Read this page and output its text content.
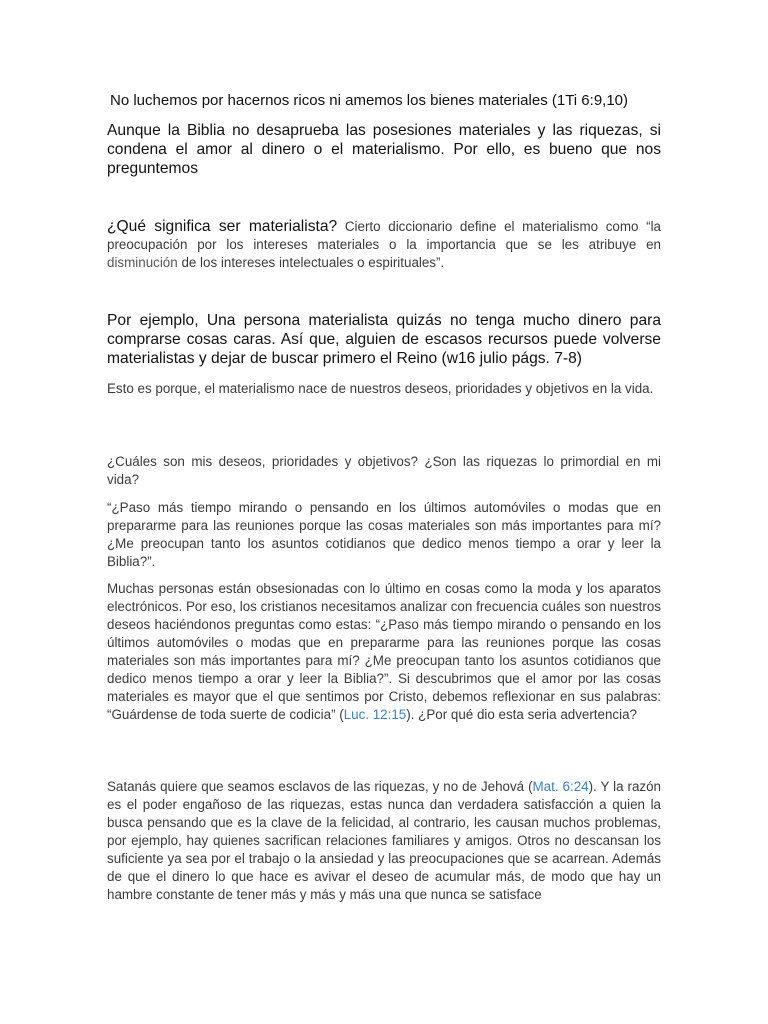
No luchemos por hacernos ricos ni amemos los bienes materiales (1Ti 6:9,10)

Aunque la Biblia no desaprueba las posesiones materiales y las riquezas, si condena el amor al dinero o el materialismo. Por ello, es bueno que nos preguntemos

¿Qué significa ser materialista? Cierto diccionario define el materialismo como “la preocupación por los intereses materiales o la importancia que se les atribuye en disminución de los intereses intelectuales o espirituales”.

Por ejemplo, Una persona materialista quizás no tenga mucho dinero para comprarse cosas caras. Así que, alguien de escasos recursos puede volverse materialistas y dejar de buscar primero el Reino (w16 julio págs. 7-8)

Esto es porque, el materialismo nace de nuestros deseos, prioridades y objetivos en la vida.

¿Cuáles son mis deseos, prioridades y objetivos? ¿Son las riquezas lo primordial en mi vida?

“¿Paso más tiempo mirando o pensando en los últimos automóviles o modas que en prepararme para las reuniones porque las cosas materiales son más importantes para mí? ¿Me preocupan tanto los asuntos cotidianos que dedico menos tiempo a orar y leer la Biblia?”.

Muchas personas están obsesionadas con lo último en cosas como la moda y los aparatos electrónicos. Por eso, los cristianos necesitamos analizar con frecuencia cuáles son nuestros deseos haciéndonos preguntas como estas: “¿Paso más tiempo mirando o pensando en los últimos automóviles o modas que en prepararme para las reuniones porque las cosas materiales son más importantes para mí? ¿Me preocupan tanto los asuntos cotidianos que dedico menos tiempo a orar y leer la Biblia?”. Si descubrimos que el amor por las cosas materiales es mayor que el que sentimos por Cristo, debemos reflexionar en sus palabras: “Guárdense de toda suerte de codicia” (Luc. 12:15). ¿Por qué dio esta seria advertencia?

Satanás quiere que seamos esclavos de las riquezas, y no de Jehová (Mat. 6:24). Y la razón es el poder engañoso de las riquezas, estas nunca dan verdadera satisfacción a quien la busca pensando que es la clave de la felicidad, al contrario, les causan muchos problemas, por ejemplo, hay quienes sacrifican relaciones familiares y amigos. Otros no descansan los suficiente ya sea por el trabajo o la ansiedad y las preocupaciones que se acarrean. Además de que el dinero lo que hace es avivar el deseo de acumular más, de modo que hay un hambre constante de tener más y más y más una que nunca se satisface
